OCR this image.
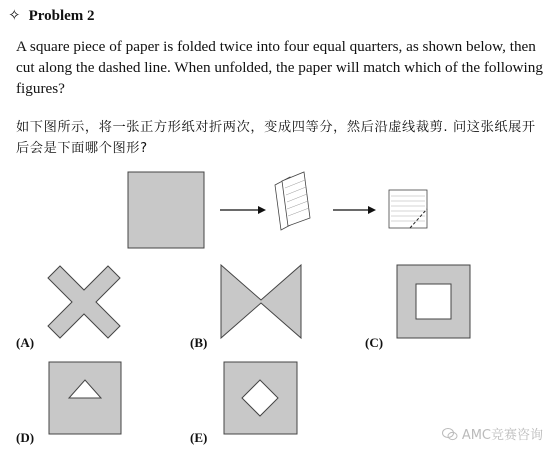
✧ Problem 2
A square piece of paper is folded twice into four equal quarters, as shown below, then cut along the dashed line. When unfolded, the paper will match which of the following figures?
如下图所示，将一张正方形纸对折两次，变成四等分，然后沿虚线裁剪. 问这张纸展开后会是下面哪个图形?
(A)	(B)	(C)
(D)	(E)	AMC竞赛咨询
